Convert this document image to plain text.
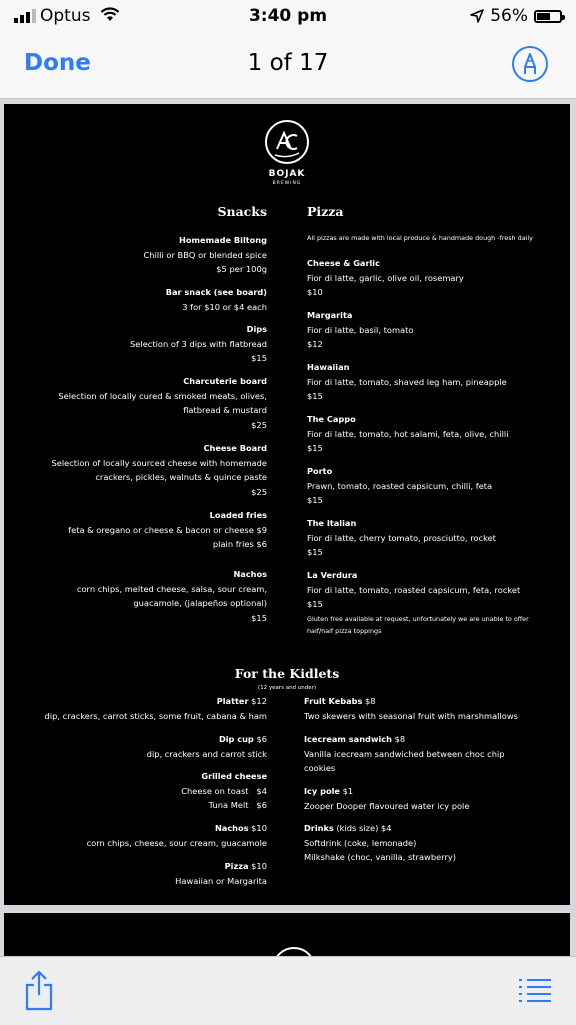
Optus	3:40 pm	56%
Done	1 of 17
BOJAK
BREWING
Snacks
Homemade Biltong
Chilli or BBQ or blended spice
$5 per 100g
Bar snack (see board)
3 for $10 or $4 each
Dips
Selection of 3 dips with flatbread
$15
Charcuterie board
Selection of locally cured & smoked meats, olives,
flatbread & mustard
$25
Cheese Board
Selection of locally sourced cheese with homemade
crackers, pickles, walnuts & quince paste
$25
Loaded fries
feta & oregano or cheese & bacon or cheese $9
plain fries $6
Nachos
corn chips, melted cheese, salsa, sour cream,
guacamole, (jalapeños optional)
$15
Pizza
All pizzas are made with local produce & handmade dough -fresh daily
Cheese & Garlic
Fior di latte, garlic, olive oil, rosemary
$10
Margarita
Fior di latte, basil, tomato
$12
Hawaiian
Fior di latte, tomato, shaved leg ham, pineapple
$15
The Cappo
Fior di latte, tomato, hot salami, feta, olive, chilli
$15
Porto
Prawn, tomato, roasted capsicum, chilli, feta
$15
The Italian
Fior di latte, cherry tomato, prosciutto, rocket
$15
La Verdura
Fior di latte, tomato, roasted capsicum, feta, rocket
$15
Gluten free available at request, unfortunately we are unable to offer half/half pizza toppings
For the Kidlets
(12 years and under)
Platter $12
dip, crackers, carrot sticks, some fruit, cabana & ham
Dip cup $6
dip, crackers and carrot stick
Grilled cheese
Cheese on toast   $4
Tuna Melt   $6
Nachos $10
corn chips, cheese, sour cream, guacamole
Pizza $10
Hawaiian or Margarita
Fruit Kebabs $8
Two skewers with seasonal fruit with marshmallows
Icecream sandwich $8
Vanilla icecream sandwiched between choc chip
cookies
Icy pole $1
Zooper Dooper flavoured water icy pole
Drinks (kids size) $4
Softdrink (coke, lemonade)
Milkshake (choc, vanilla, strawberry)
